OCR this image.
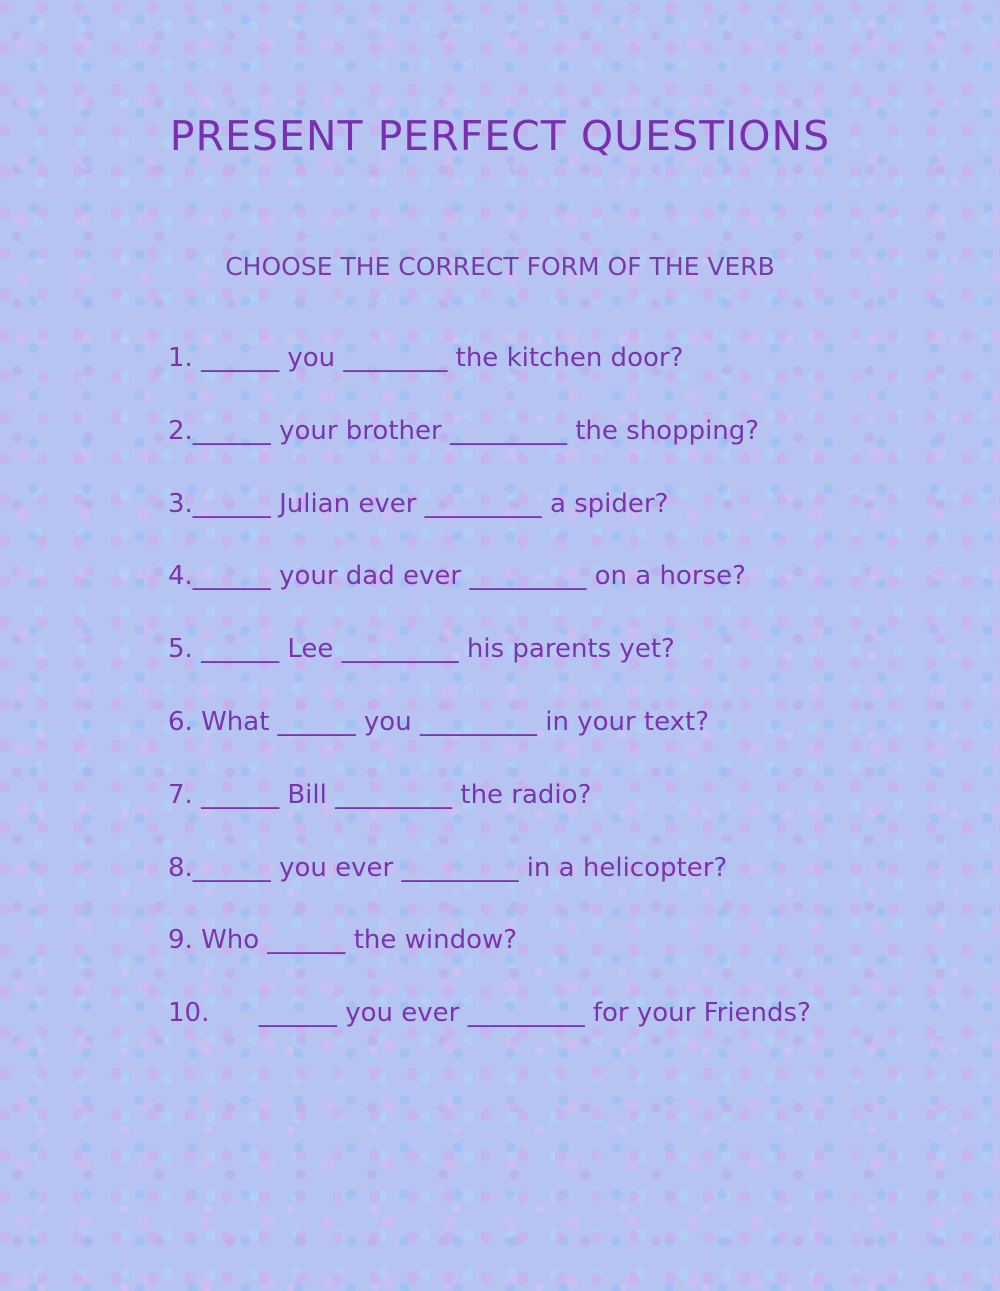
PRESENT PERFECT QUESTIONS
CHOOSE THE CORRECT FORM OF THE VERB
1. ______ you ________ the kitchen door?
2.______ your brother _________ the shopping?
3.______ Julian ever _________ a spider?
4.______ your dad ever _________ on a horse?
5. ______ Lee _________ his parents yet?
6. What ______ you _________ in your text?
7. ______ Bill _________ the radio?
8.______ you ever _________ in a helicopter?
9. Who ______ the window?
10.      ______ you ever _________ for your Friends?
